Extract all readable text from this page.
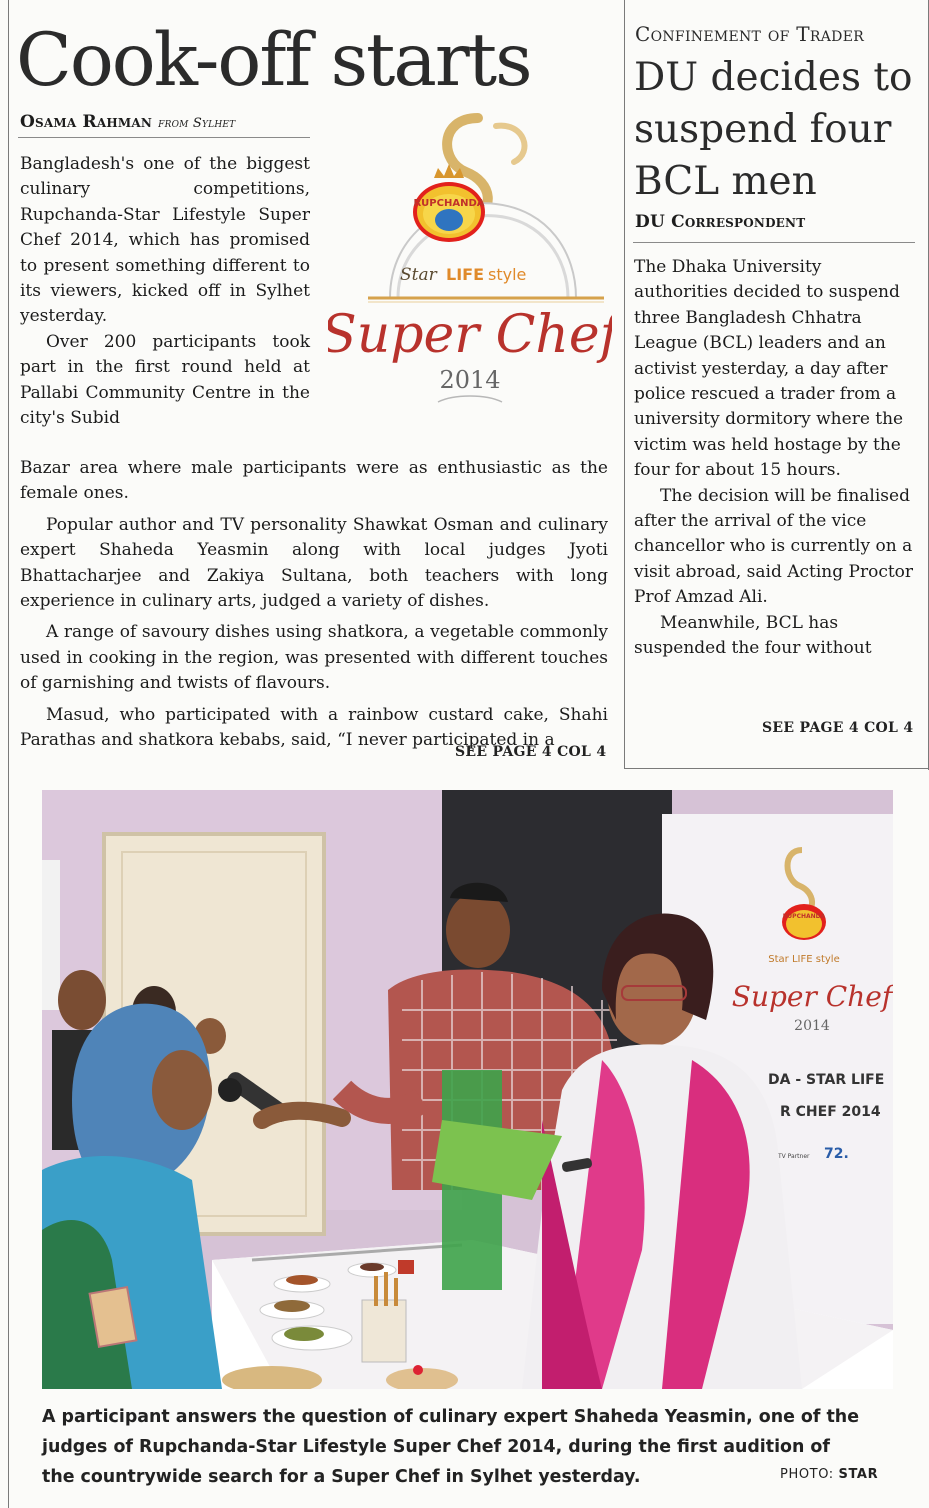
Cook-off starts
Osama Rahman from Sylhet

Bangladesh's one of the biggest culinary competitions, Rupchanda-Star Lifestyle Super Chef 2014, which has promised to present something different to its viewers, kicked off in Sylhet yesterday.

Over 200 participants took part in the first round held at Pallabi Community Centre in the city's Subid

Bazar area where male participants were as enthusiastic as the female ones.

Popular author and TV personality Shawkat Osman and culinary expert Shaheda Yeasmin along with local judges Jyoti Bhattacharjee and Zakiya Sultana, both teachers with long experience in culinary arts, judged a variety of dishes.

A range of savoury dishes using shatkora, a vegetable commonly used in cooking in the region, was presented with different touches of garnishing and twists of flavours.

Masud, who participated with a rainbow custard cake, Shahi Parathas and shatkora kebabs, said, “I never participated in a

SEE PAGE 4 COL 4
RUPCHANDA
Star LIFE style
Super Chef
2014
Confinement of Trader
DU decides to suspend four BCL men
DU Correspondent

The Dhaka University authorities decided to suspend three Bangladesh Chhatra League (BCL) leaders and an activist yesterday, a day after police rescued a trader from a university dormitory where the victim was held hostage by the four for about 15 hours.

The decision will be finalised after the arrival of the vice chancellor who is currently on a visit abroad, said Acting Proctor Prof Amzad Ali.

Meanwhile, BCL has suspended the four without

SEE PAGE 4 COL 4
RUPCHANDA
Star LIFE style
Super Chef
2014
DA - STAR LIFE
R CHEF 2014
TV Partner 72.
A participant answers the question of culinary expert Shaheda Yeasmin, one of the judges of Rupchanda-Star Lifestyle Super Chef 2014, during the first audition of the countrywide search for a Super Chef in Sylhet yesterday.	PHOTO: STAR
